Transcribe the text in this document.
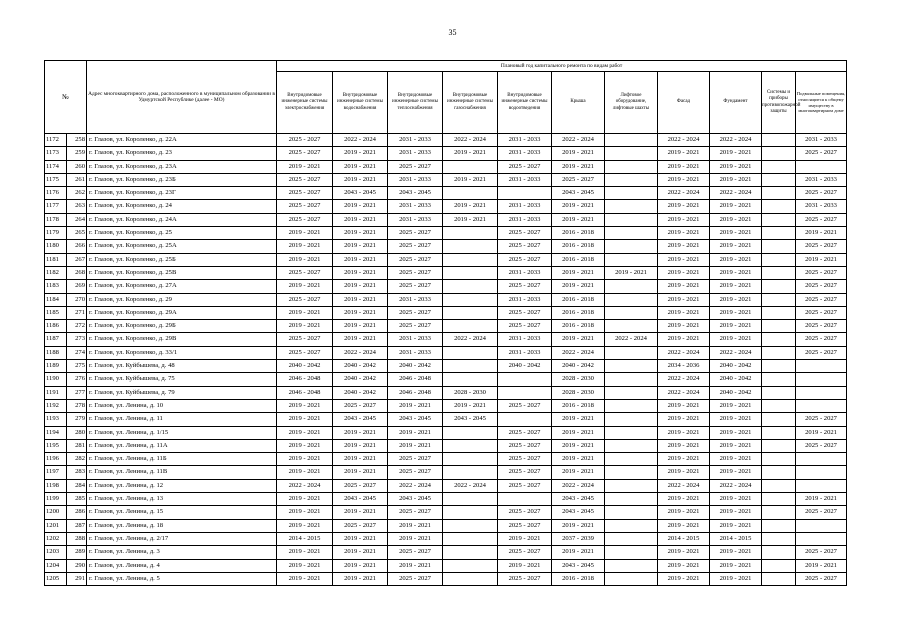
35
№		Адрес многоквартирного дома, расположенного в муниципальном образовании в Удмуртской Республике (далее - МО)	Плановый год капитального ремонта по видам работ										
			Внутридомовые инженерные системы электроснабжения	Внутридомовые инженерные системы водоснабжения	Внутридомовые инженерные системы теплоснабжения	Внутридомовые инженерные системы газоснабжения	Внутридомовые инженерные системы водоотведения	Крыша	Лифтовое оборудование, лифтовые шахты	Фасад	Фундамент	Системы и приборы противопожарной защиты	Подвальные помещения, относящиеся к общему имуществу в многоквартирном доме
1172	258	г. Глазов, ул. Короленко, д. 22А	2025 - 2027	2022 - 2024	2031 - 2033	2022 - 2024	2031 - 2033	2022 - 2024		2022 - 2024	2022 - 2024		2031 - 2033
1173	259	г. Глазов, ул. Короленко, д. 23	2025 - 2027	2019 - 2021	2031 - 2033	2019 - 2021	2031 - 2033	2019 - 2021		2019 - 2021	2019 - 2021		2025 - 2027
1174	260	г. Глазов, ул. Короленко, д. 23А	2019 - 2021	2019 - 2021	2025 - 2027		2025 - 2027	2019 - 2021		2019 - 2021	2019 - 2021		
1175	261	г. Глазов, ул. Короленко, д. 23Б	2025 - 2027	2019 - 2021	2031 - 2033	2019 - 2021	2031 - 2033	2025 - 2027		2019 - 2021	2019 - 2021		2031 - 2033
1176	262	г. Глазов, ул. Короленко, д. 23Г	2025 - 2027	2043 - 2045	2043 - 2045			2043 - 2045		2022 - 2024	2022 - 2024		2025 - 2027
1177	263	г. Глазов, ул. Короленко, д. 24	2025 - 2027	2019 - 2021	2031 - 2033	2019 - 2021	2031 - 2033	2019 - 2021		2019 - 2021	2019 - 2021		2031 - 2033
1178	264	г. Глазов, ул. Короленко, д. 24А	2025 - 2027	2019 - 2021	2031 - 2033	2019 - 2021	2031 - 2033	2019 - 2021		2019 - 2021	2019 - 2021		2025 - 2027
1179	265	г. Глазов, ул. Короленко, д. 25	2019 - 2021	2019 - 2021	2025 - 2027		2025 - 2027	2016 - 2018		2019 - 2021	2019 - 2021		2019 - 2021
1180	266	г. Глазов, ул. Короленко, д. 25А	2019 - 2021	2019 - 2021	2025 - 2027		2025 - 2027	2016 - 2018		2019 - 2021	2019 - 2021		2025 - 2027
1181	267	г. Глазов, ул. Короленко, д. 25Б	2019 - 2021	2019 - 2021	2025 - 2027		2025 - 2027	2016 - 2018		2019 - 2021	2019 - 2021		2019 - 2021
1182	268	г. Глазов, ул. Короленко, д. 25В	2025 - 2027	2019 - 2021	2025 - 2027		2031 - 2033	2019 - 2021	2019 - 2021	2019 - 2021	2019 - 2021		2025 - 2027
1183	269	г. Глазов, ул. Короленко, д. 27А	2019 - 2021	2019 - 2021	2025 - 2027		2025 - 2027	2019 - 2021		2019 - 2021	2019 - 2021		2025 - 2027
1184	270	г. Глазов, ул. Короленко, д. 29	2025 - 2027	2019 - 2021	2031 - 2033		2031 - 2033	2016 - 2018		2019 - 2021	2019 - 2021		2025 - 2027
1185	271	г. Глазов, ул. Короленко, д. 29А	2019 - 2021	2019 - 2021	2025 - 2027		2025 - 2027	2016 - 2018		2019 - 2021	2019 - 2021		2025 - 2027
1186	272	г. Глазов, ул. Короленко, д. 29Б	2019 - 2021	2019 - 2021	2025 - 2027		2025 - 2027	2016 - 2018		2019 - 2021	2019 - 2021		2025 - 2027
1187	273	г. Глазов, ул. Короленко, д. 29В	2025 - 2027	2019 - 2021	2031 - 2033	2022 - 2024	2031 - 2033	2019 - 2021	2022 - 2024	2019 - 2021	2019 - 2021		2025 - 2027
1188	274	г. Глазов, ул. Короленко, д. 33/1	2025 - 2027	2022 - 2024	2031 - 2033		2031 - 2033	2022 - 2024		2022 - 2024	2022 - 2024		2025 - 2027
1189	275	г. Глазов, ул. Куйбышева, д. 48	2040 - 2042	2040 - 2042	2040 - 2042		2040 - 2042	2040 - 2042		2034 - 2036	2040 - 2042		
1190	276	г. Глазов, ул. Куйбышева, д. 75	2046 - 2048	2040 - 2042	2046 - 2048			2028 - 2030		2022 - 2024	2040 - 2042		
1191	277	г. Глазов, ул. Куйбышева, д. 79	2046 - 2048	2040 - 2042	2046 - 2048	2028 - 2030		2028 - 2030		2022 - 2024	2040 - 2042		
1192	278	г. Глазов, ул. Ленина, д. 10	2019 - 2021	2025 - 2027	2019 - 2021	2019 - 2021	2025 - 2027	2016 - 2018		2019 - 2021	2019 - 2021		
1193	279	г. Глазов, ул. Ленина, д. 11	2019 - 2021	2043 - 2045	2043 - 2045	2043 - 2045		2019 - 2021		2019 - 2021	2019 - 2021		2025 - 2027
1194	280	г. Глазов, ул. Ленина, д. 1/15	2019 - 2021	2019 - 2021	2019 - 2021		2025 - 2027	2019 - 2021		2019 - 2021	2019 - 2021		2019 - 2021
1195	281	г. Глазов, ул. Ленина, д. 11А	2019 - 2021	2019 - 2021	2019 - 2021		2025 - 2027	2019 - 2021		2019 - 2021	2019 - 2021		2025 - 2027
1196	282	г. Глазов, ул. Ленина, д. 11Б	2019 - 2021	2019 - 2021	2025 - 2027		2025 - 2027	2019 - 2021		2019 - 2021	2019 - 2021		
1197	283	г. Глазов, ул. Ленина, д. 11В	2019 - 2021	2019 - 2021	2025 - 2027		2025 - 2027	2019 - 2021		2019 - 2021	2019 - 2021		
1198	284	г. Глазов, ул. Ленина, д. 12	2022 - 2024	2025 - 2027	2022 - 2024	2022 - 2024	2025 - 2027	2022 - 2024		2022 - 2024	2022 - 2024		
1199	285	г. Глазов, ул. Ленина, д. 13	2019 - 2021	2043 - 2045	2043 - 2045			2043 - 2045		2019 - 2021	2019 - 2021		2019 - 2021
1200	286	г. Глазов, ул. Ленина, д. 15	2019 - 2021	2019 - 2021	2025 - 2027		2025 - 2027	2043 - 2045		2019 - 2021	2019 - 2021		2025 - 2027
1201	287	г. Глазов, ул. Ленина, д. 18	2019 - 2021	2025 - 2027	2019 - 2021		2025 - 2027	2019 - 2021		2019 - 2021	2019 - 2021		
1202	288	г. Глазов, ул. Ленина, д. 2/17	2014 - 2015	2019 - 2021	2019 - 2021		2019 - 2021	2037 - 2039		2014 - 2015	2014 - 2015		
1203	289	г. Глазов, ул. Ленина, д. 3	2019 - 2021	2019 - 2021	2025 - 2027		2025 - 2027	2019 - 2021		2019 - 2021	2019 - 2021		2025 - 2027
1204	290	г. Глазов, ул. Ленина, д. 4	2019 - 2021	2019 - 2021	2019 - 2021		2019 - 2021	2043 - 2045		2019 - 2021	2019 - 2021		2019 - 2021
1205	291	г. Глазов, ул. Ленина, д. 5	2019 - 2021	2019 - 2021	2025 - 2027		2025 - 2027	2016 - 2018		2019 - 2021	2019 - 2021		2025 - 2027
